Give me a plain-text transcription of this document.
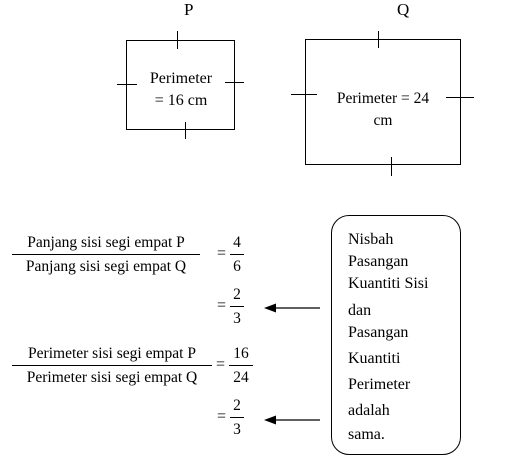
P
Perimeter
= 16 cm
Q
Perimeter = 24
cm
Panjang sisi segi empat P
Panjang sisi segi empat Q
=
4
6
=
2
3
Perimeter sisi segi empat P
Perimeter sisi segi empat Q
=
16
24
=
2
3
Nisbah
Pasangan
Kuantiti Sisi
dan
Pasangan
Kuantiti
Perimeter
adalah
sama.
